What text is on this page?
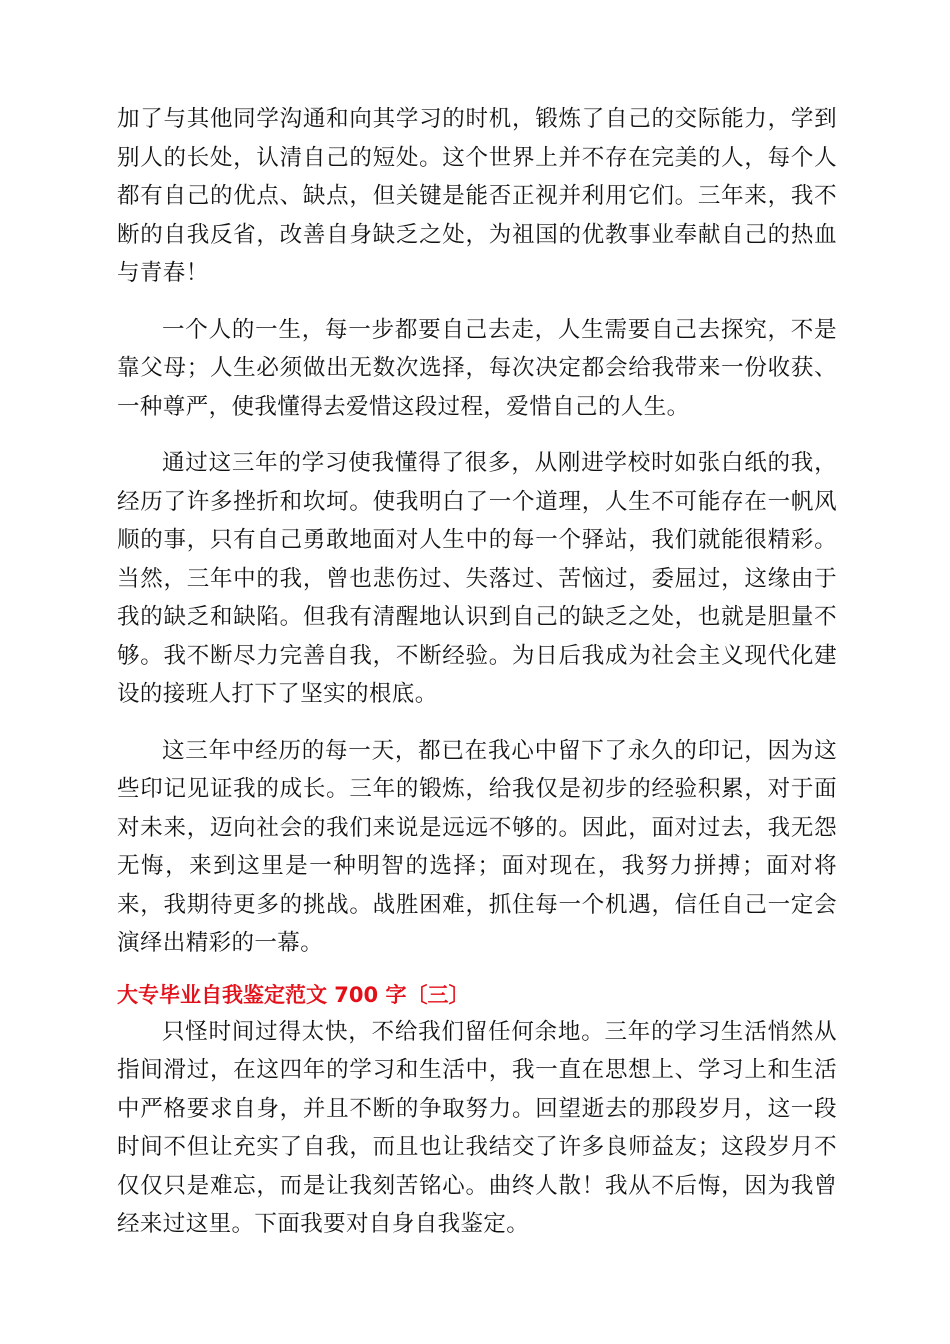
加了与其他同学沟通和向其学习的时机，锻炼了自己的交际能力，学到别人的长处，认清自己的短处。这个世界上并不存在完美的人，每个人都有自己的优点、缺点，但关键是能否正视并利用它们。三年来，我不断的自我反省，改善自身缺乏之处，为祖国的优教事业奉献自己的热血与青春！

一个人的一生，每一步都要自己去走，人生需要自己去探究，不是靠父母；人生必须做出无数次选择，每次决定都会给我带来一份收获、一种尊严，使我懂得去爱惜这段过程，爱惜自己的人生。

通过这三年的学习使我懂得了很多，从刚进学校时如张白纸的我，经历了许多挫折和坎坷。使我明白了一个道理，人生不可能存在一帆风顺的事，只有自己勇敢地面对人生中的每一个驿站，我们就能很精彩。当然，三年中的我，曾也悲伤过、失落过、苦恼过，委屈过，这缘由于我的缺乏和缺陷。但我有清醒地认识到自己的缺乏之处，也就是胆量不够。我不断尽力完善自我，不断经验。为日后我成为社会主义现代化建设的接班人打下了坚实的根底。

这三年中经历的每一天，都已在我心中留下了永久的印记，因为这些印记见证我的成长。三年的锻炼，给我仅是初步的经验积累，对于面对未来，迈向社会的我们来说是远远不够的。因此，面对过去，我无怨无悔，来到这里是一种明智的选择；面对现在，我努力拼搏；面对将来，我期待更多的挑战。战胜困难，抓住每一个机遇，信任自己一定会演绎出精彩的一幕。

大专毕业自我鉴定范文 700 字〔三〕

只怪时间过得太快，不给我们留任何余地。三年的学习生活悄然从指间滑过，在这四年的学习和生活中，我一直在思想上、学习上和生活中严格要求自身，并且不断的争取努力。回望逝去的那段岁月，这一段时间不但让充实了自我，而且也让我结交了许多良师益友；这段岁月不仅仅只是难忘，而是让我刻苦铭心。曲终人散！我从不后悔，因为我曾经来过这里。下面我要对自身自我鉴定。
